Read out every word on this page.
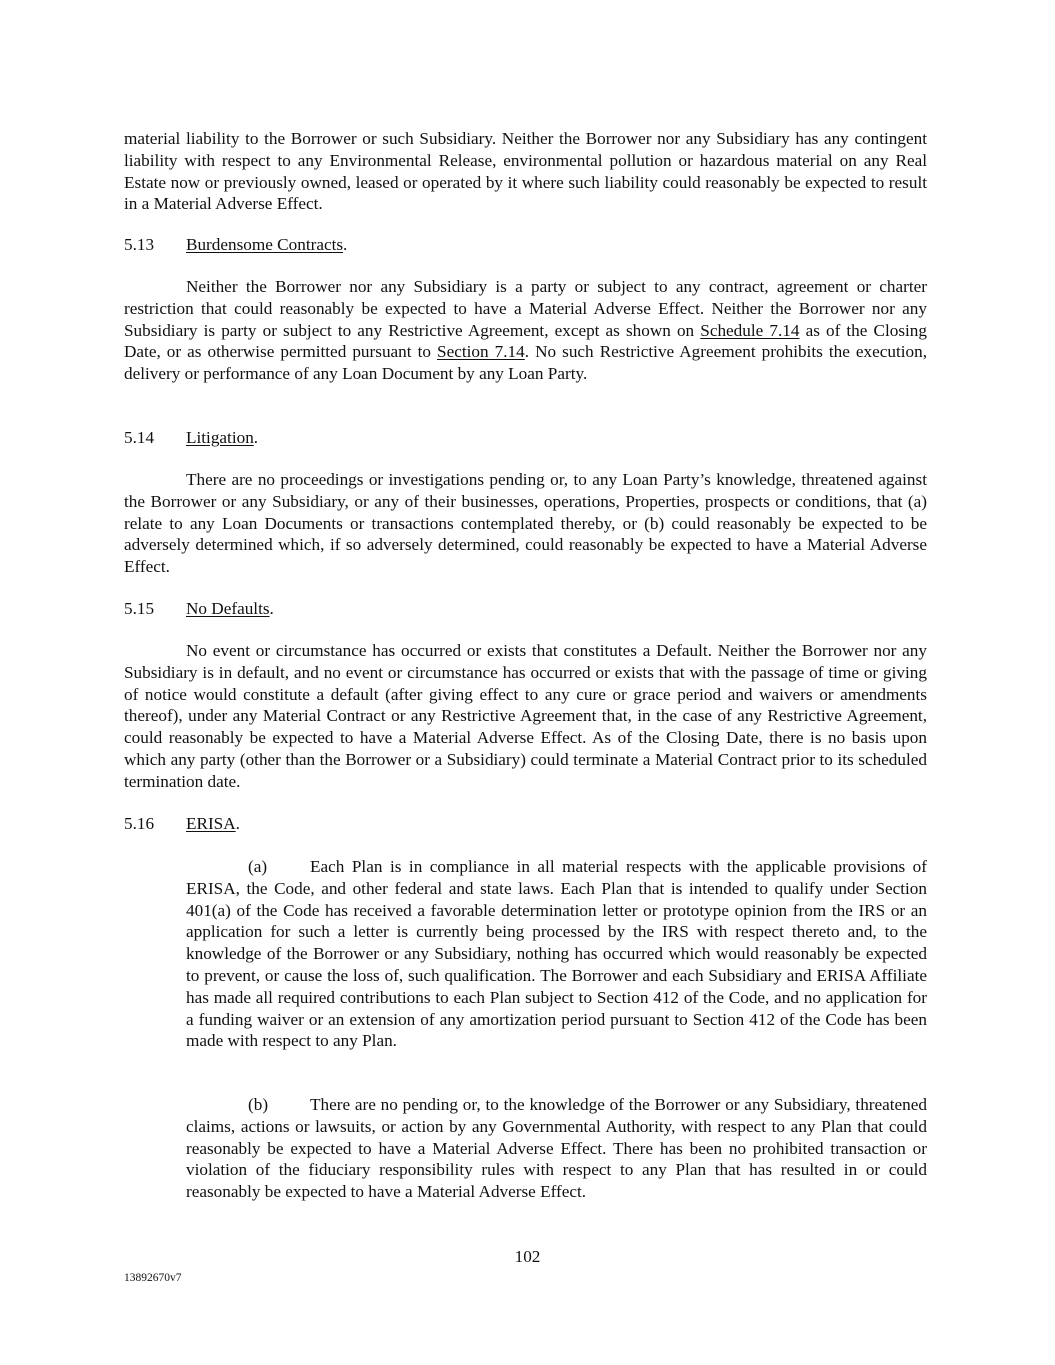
material liability to the Borrower or such Subsidiary. Neither the Borrower nor any Subsidiary has any contingent liability with respect to any Environmental Release, environmental pollution or hazardous material on any Real Estate now or previously owned, leased or operated by it where such liability could reasonably be expected to result in a Material Adverse Effect.

5.13 Burdensome Contracts.

Neither the Borrower nor any Subsidiary is a party or subject to any contract, agreement or charter restriction that could reasonably be expected to have a Material Adverse Effect. Neither the Borrower nor any Subsidiary is party or subject to any Restrictive Agreement, except as shown on Schedule 7.14 as of the Closing Date, or as otherwise permitted pursuant to Section 7.14. No such Restrictive Agreement prohibits the execution, delivery or performance of any Loan Document by any Loan Party.

5.14 Litigation.

There are no proceedings or investigations pending or, to any Loan Party’s knowledge, threatened against the Borrower or any Subsidiary, or any of their businesses, operations, Properties, prospects or conditions, that (a) relate to any Loan Documents or transactions contemplated thereby, or (b) could reasonably be expected to be adversely determined which, if so adversely determined, could reasonably be expected to have a Material Adverse Effect.

5.15 No Defaults.

No event or circumstance has occurred or exists that constitutes a Default. Neither the Borrower nor any Subsidiary is in default, and no event or circumstance has occurred or exists that with the passage of time or giving of notice would constitute a default (after giving effect to any cure or grace period and waivers or amendments thereof), under any Material Contract or any Restrictive Agreement that, in the case of any Restrictive Agreement, could reasonably be expected to have a Material Adverse Effect. As of the Closing Date, there is no basis upon which any party (other than the Borrower or a Subsidiary) could terminate a Material Contract prior to its scheduled termination date.

5.16 ERISA.

(a) Each Plan is in compliance in all material respects with the applicable provisions of ERISA, the Code, and other federal and state laws. Each Plan that is intended to qualify under Section 401(a) of the Code has received a favorable determination letter or prototype opinion from the IRS or an application for such a letter is currently being processed by the IRS with respect thereto and, to the knowledge of the Borrower or any Subsidiary, nothing has occurred which would reasonably be expected to prevent, or cause the loss of, such qualification. The Borrower and each Subsidiary and ERISA Affiliate has made all required contributions to each Plan subject to Section 412 of the Code, and no application for a funding waiver or an extension of any amortization period pursuant to Section 412 of the Code has been made with respect to any Plan.

(b) There are no pending or, to the knowledge of the Borrower or any Subsidiary, threatened claims, actions or lawsuits, or action by any Governmental Authority, with respect to any Plan that could reasonably be expected to have a Material Adverse Effect. There has been no prohibited transaction or violation of the fiduciary responsibility rules with respect to any Plan that has resulted in or could reasonably be expected to have a Material Adverse Effect.

102

13892670v7
